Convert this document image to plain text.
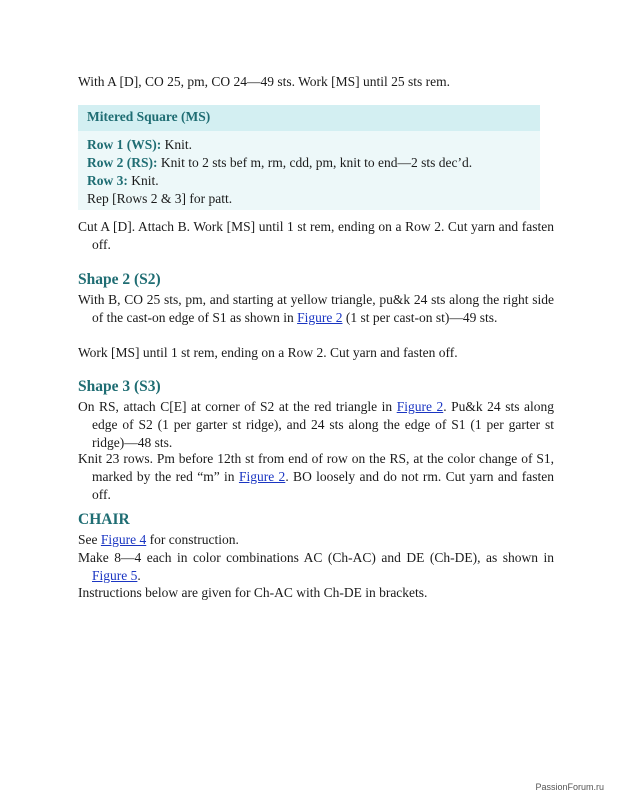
With A [D], CO 25, pm, CO 24—49 sts. Work [MS] until 25 sts rem.

Mitered Square (MS)
Row 1 (WS): Knit.
Row 2 (RS): Knit to 2 sts bef m, rm, cdd, pm, knit to end—2 sts dec’d.
Row 3: Knit.
Rep [Rows 2 & 3] for patt.

Cut A [D]. Attach B. Work [MS] until 1 st rem, ending on a Row 2. Cut yarn and fasten off.

Shape 2 (S2)

With B, CO 25 sts, pm, and starting at yellow triangle, pu&k 24 sts along the right side of the cast-on edge of S1 as shown in Figure 2 (1 st per cast-on st)—49 sts.

Work [MS] until 1 st rem, ending on a Row 2. Cut yarn and fasten off.

Shape 3 (S3)

On RS, attach C[E] at corner of S2 at the red triangle in Figure 2. Pu&k 24 sts along edge of S2 (1 per garter st ridge), and 24 sts along the edge of S1 (1 per garter st ridge)—48 sts.

Knit 23 rows. Pm before 12th st from end of row on the RS, at the color change of S1, marked by the red “m” in Figure 2. BO loosely and do not rm. Cut yarn and fasten off.

CHAIR

See Figure 4 for construction.

Make 8—4 each in color combinations AC (Ch-AC) and DE (Ch-DE), as shown in Figure 5.

Instructions below are given for Ch-AC with Ch-DE in brackets.

PassionForum.ru
